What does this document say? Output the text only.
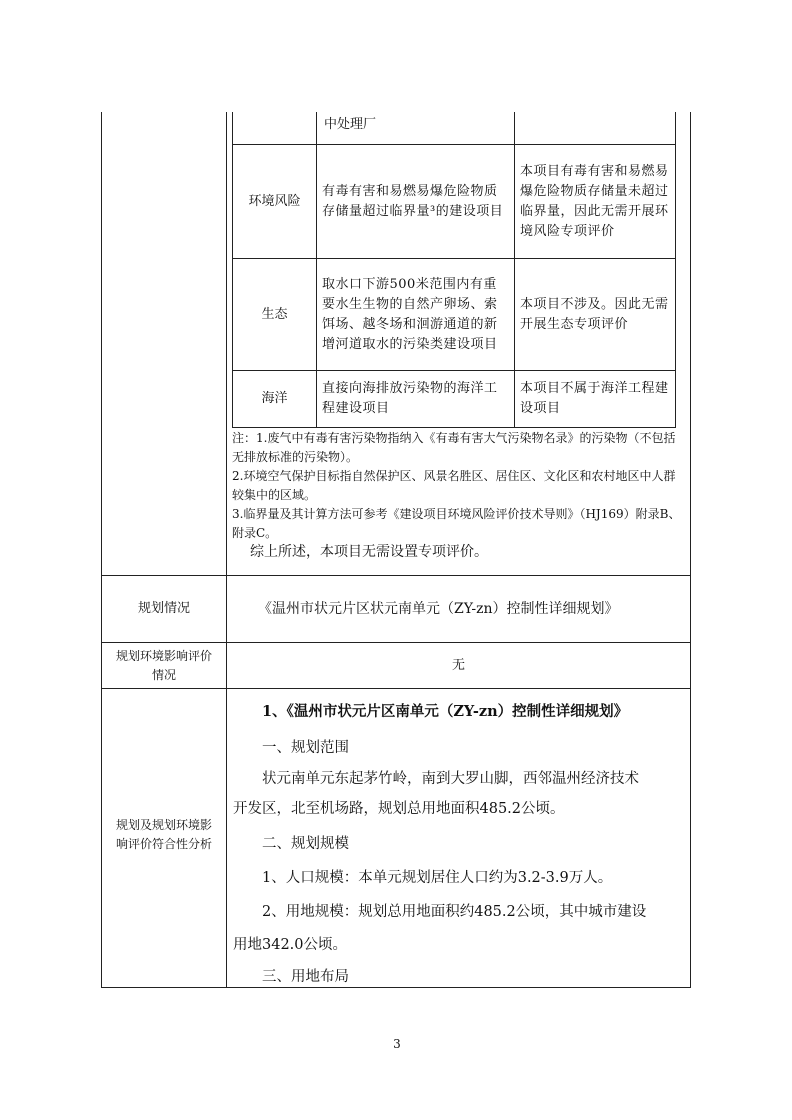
中处理厂
环境风险
有毒有害和易燃易爆危险物质存储量超过临界量³的建设项目
本项目有毒有害和易燃易爆危险物质存储量未超过临界量，因此无需开展环境风险专项评价
生态
取水口下游500米范围内有重要水生生物的自然产卵场、索饵场、越冬场和洄游通道的新增河道取水的污染类建设项目
本项目不涉及。因此无需开展生态专项评价
海洋
直接向海排放污染物的海洋工程建设项目
本项目不属于海洋工程建设项目
注：1.废气中有毒有害污染物指纳入《有毒有害大气污染物名录》的污染物（不包括无排放标准的污染物）。
2.环境空气保护目标指自然保护区、风景名胜区、居住区、文化区和农村地区中人群较集中的区域。
3.临界量及其计算方法可参考《建设项目环境风险评价技术导则》（HJ169）附录B、附录C。
综上所述，本项目无需设置专项评价。
规划情况	《温州市状元片区状元南单元（ZY-zn）控制性详细规划》
规划环境影响评价情况
无
规划及规划环境影响评价符合性分析
1、《温州市状元片区南单元（ZY-zn）控制性详细规划》
一、规划范围
状元南单元东起茅竹岭，南到大罗山脚，西邻温州经济技术
开发区，北至机场路，规划总用地面积485.2公顷。
二、规划规模
1、人口规模：本单元规划居住人口约为3.2-3.9万人。
2、用地规模：规划总用地面积约485.2公顷，其中城市建设
用地342.0公顷。
三、用地布局
3
